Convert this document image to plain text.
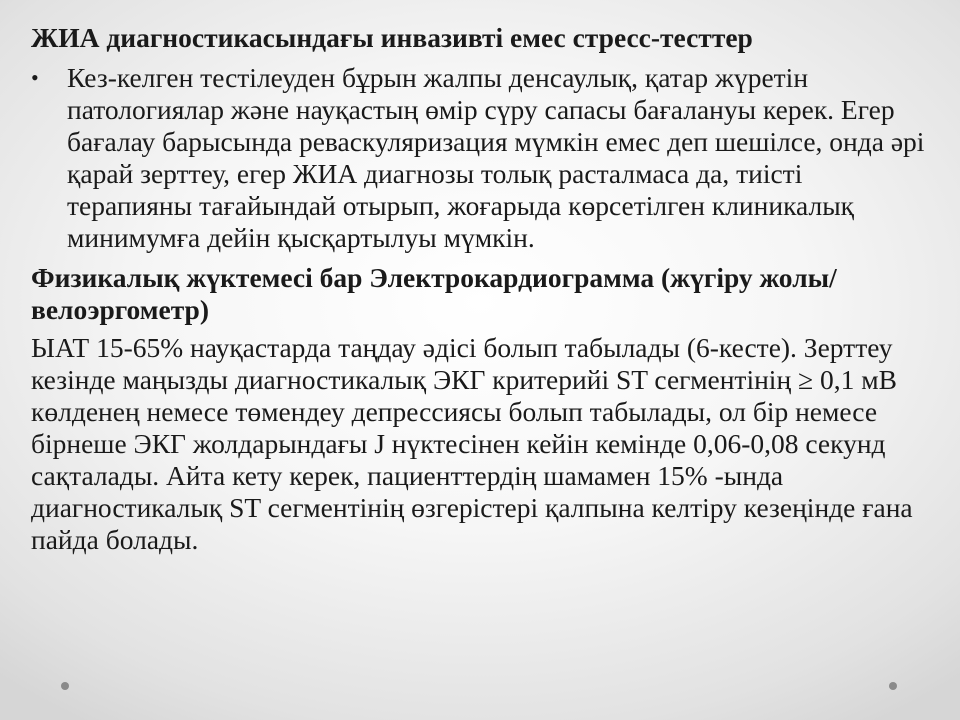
ЖИА диагностикасындағы инвазивті емес стресс-тесттер

•	Кез-келген тестілеуден бұрын жалпы денсаулық, қатар жүретін патологиялар және науқастың өмір сүру сапасы бағалануы керек. Егер бағалау барысында реваскуляризация мүмкін емес деп шешілсе, онда әрі қарай зерттеу, егер ЖИА диагнозы толық расталмаса да, тиісті терапияны тағайындай отырып, жоғарыда көрсетілген клиникалық минимумға дейін қысқартылуы мүмкін.

Физикалық жүктемесі бар Электрокардиограмма (жүгіру жолы/велоэргометр)

ЫАТ 15-65% науқастарда таңдау әдісі болып табылады (6-кесте). Зерттеу кезінде маңызды диагностикалық ЭКГ критерийі ST сегментінің ≥ 0,1 мВ көлденең немесе төмендеу депрессиясы болып табылады, ол бір немесе бірнеше ЭКГ жолдарындағы J нүктесінен кейін кемінде 0,06-0,08 секунд сақталады. Айта кету керек, пациенттердің шамамен 15% -ында диагностикалық ST сегментінің өзгерістері қалпына келтіру кезеңінде ғана пайда болады.
